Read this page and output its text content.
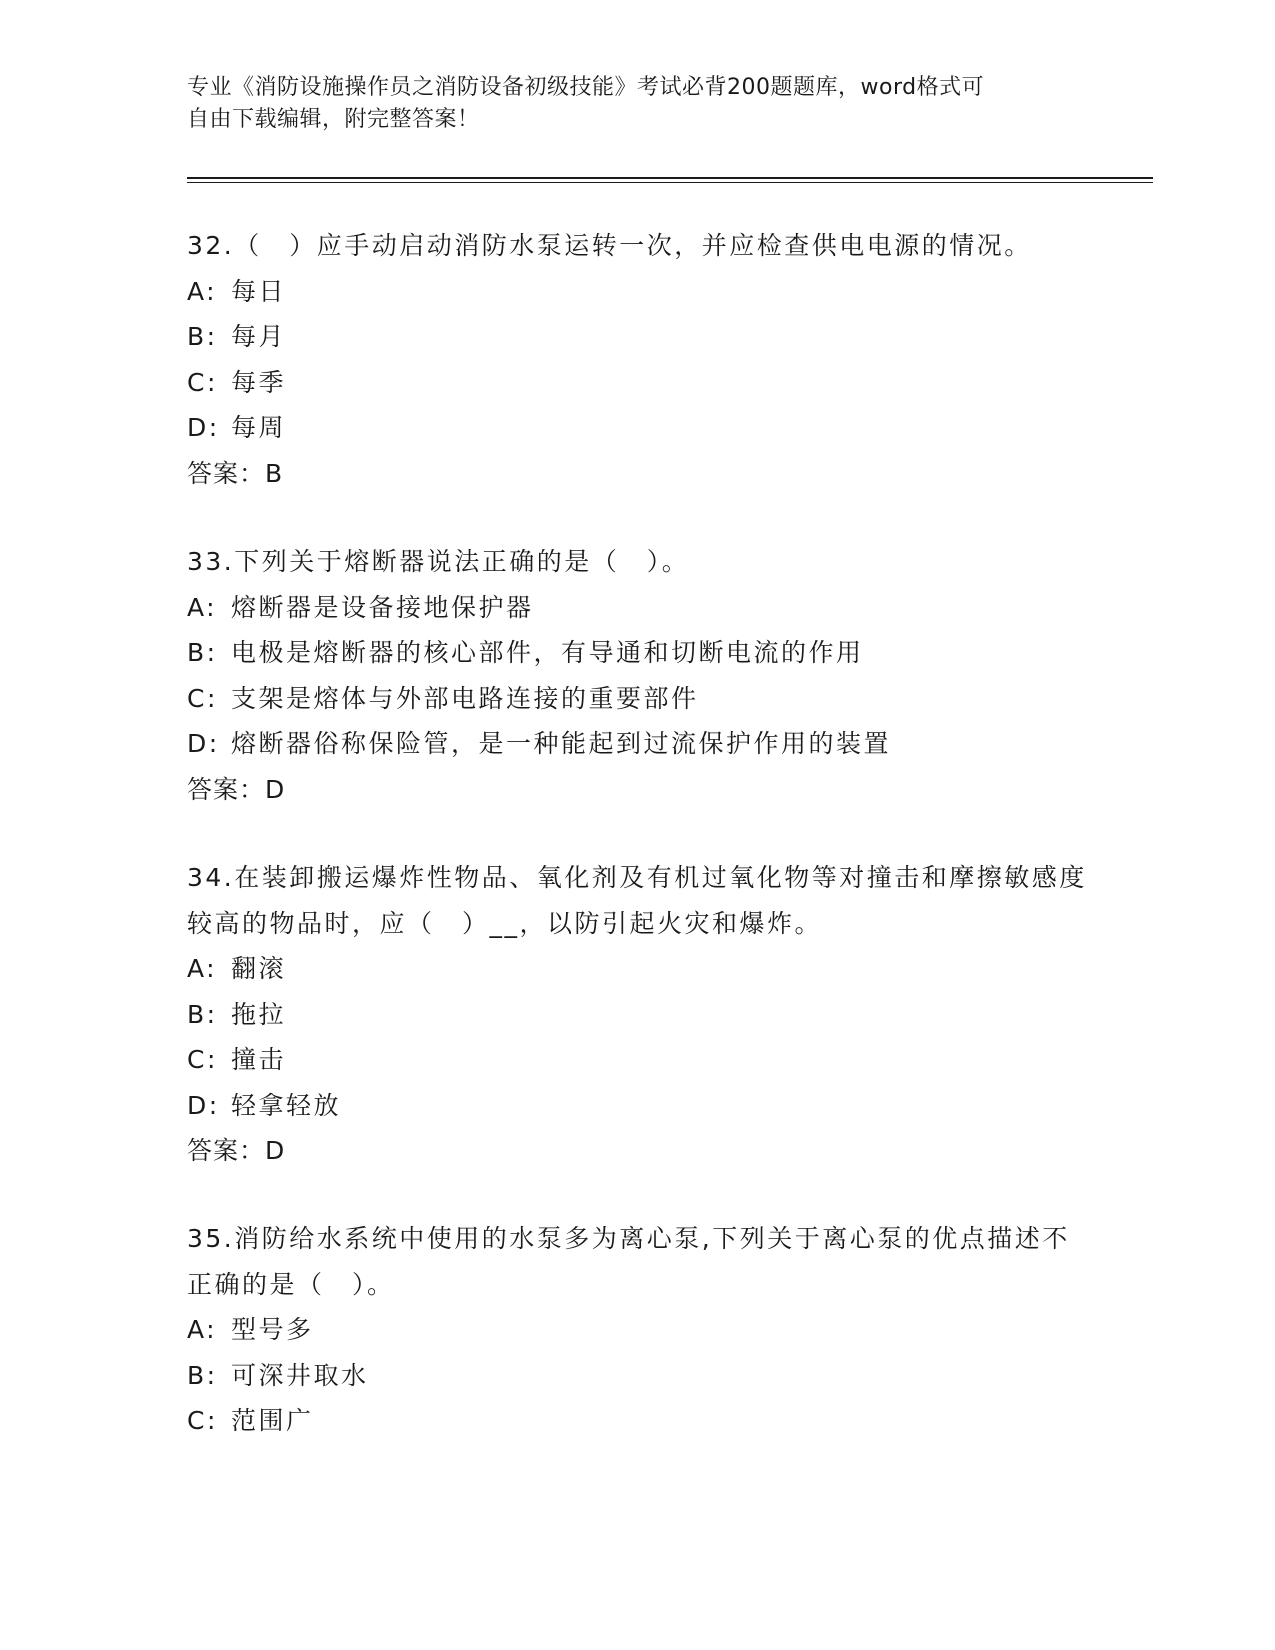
专业《消防设施操作员之消防设备初级技能》考试必背200题题库，word格式可
自由下载编辑，附完整答案！
32.（　）应手动启动消防水泵运转一次，并应检查供电电源的情况。
A: 每日
B: 每月
C: 每季
D: 每周
答案：B
33.下列关于熔断器说法正确的是（　）。
A: 熔断器是设备接地保护器
B: 电极是熔断器的核心部件，有导通和切断电流的作用
C: 支架是熔体与外部电路连接的重要部件
D: 熔断器俗称保险管，是一种能起到过流保护作用的装置
答案：D
34.在装卸搬运爆炸性物品、氧化剂及有机过氧化物等对撞击和摩擦敏感度较高的物品时，应（　）__，以防引起火灾和爆炸。
A: 翻滚
B: 拖拉
C: 撞击
D: 轻拿轻放
答案：D
35.消防给水系统中使用的水泵多为离心泵,下列关于离心泵的优点描述不正确的是（　）。
A: 型号多
B: 可深井取水
C: 范围广
